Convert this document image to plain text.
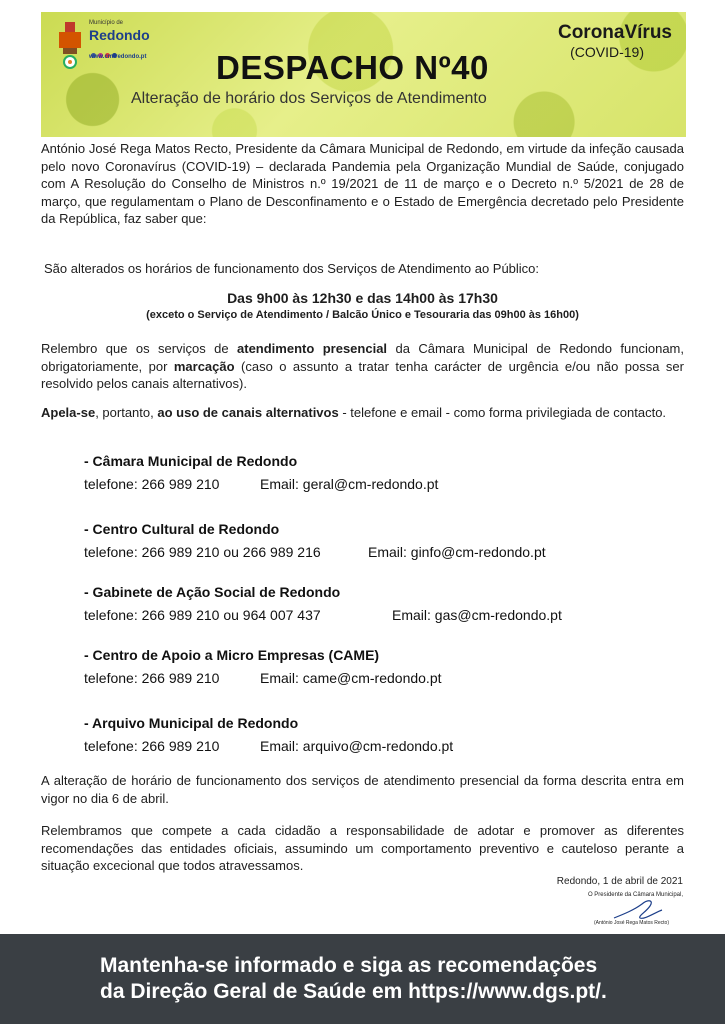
Município de
Redondo
www.cm-redondo.pt
CoronaVírus
(COVID-19)
DESPACHO Nº40
Alteração de horário dos Serviços de Atendimento
António José Rega Matos Recto, Presidente da Câmara Municipal de Redondo, em virtude da infeção causada pelo novo Coronavírus (COVID-19) – declarada Pandemia pela Organização Mundial de Saúde, conjugado com A Resolução do Conselho de Ministros n.º 19/2021 de 11 de março e o Decreto n.º 5/2021 de 28 de março, que regulamentam o Plano de Desconfinamento e o Estado de Emergência decretado pelo Presidente da República, faz saber que:
São alterados os horários de funcionamento dos Serviços de Atendimento ao Público:
Das 9h00 às 12h30 e das 14h00 às 17h30
(exceto o Serviço de Atendimento / Balcão Único e Tesouraria das 09h00 às 16h00)
Relembro que os serviços de atendimento presencial da Câmara Municipal de Redondo funcionam, obrigatoriamente, por marcação (caso o assunto a tratar tenha carácter de urgência e/ou não possa ser resolvido pelos canais alternativos).
Apela-se, portanto, ao uso de canais alternativos - telefone e email - como forma privilegiada de contacto.
- Câmara Municipal de Redondo
telefone: 266 989 210	Email: geral@cm-redondo.pt
- Centro Cultural de Redondo
telefone: 266 989 210 ou 266 989 216	Email: ginfo@cm-redondo.pt
- Gabinete de Ação Social de Redondo
telefone: 266 989 210 ou 964 007 437	Email: gas@cm-redondo.pt
- Centro de Apoio a Micro Empresas (CAME)
telefone: 266 989 210	Email: came@cm-redondo.pt
- Arquivo Municipal de Redondo
telefone: 266 989 210	Email: arquivo@cm-redondo.pt
A alteração de horário de funcionamento dos serviços de atendimento presencial da forma descrita entra em vigor no dia 6 de abril.
Relembramos que compete a cada cidadão a responsabilidade de adotar e promover as diferentes recomendações das entidades oficiais, assumindo um comportamento preventivo e cauteloso perante a situação excecional que todos atravessamos.
Redondo, 1 de abril de 2021
O Presidente da Câmara Municipal,
(António José Rega Matos Recto)
Mantenha-se informado e siga as recomendações
da Direção Geral de Saúde em https://www.dgs.pt/.
